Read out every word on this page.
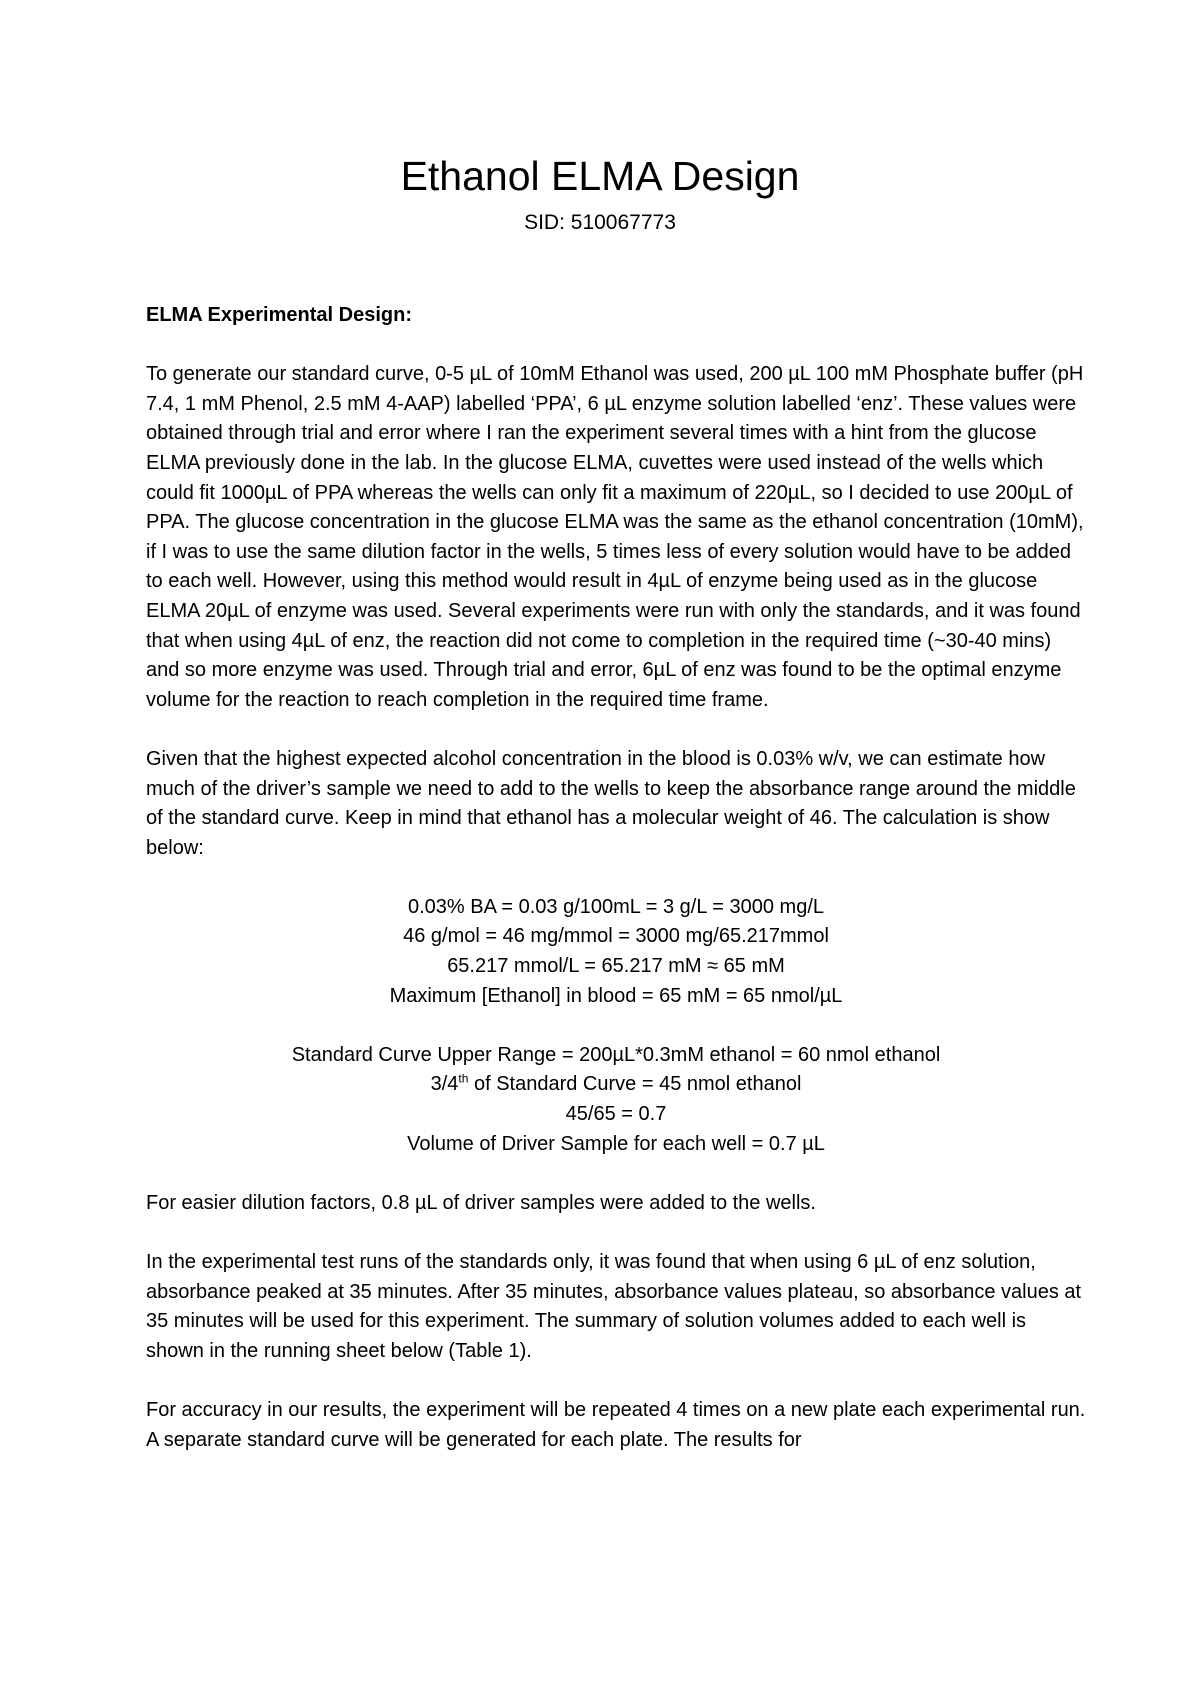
Ethanol ELMA Design
SID: 510067773

ELMA Experimental Design:

To generate our standard curve, 0-5 µL of 10mM Ethanol was used, 200 µL 100 mM Phosphate buffer (pH 7.4, 1 mM Phenol, 2.5 mM 4-AAP) labelled ‘PPA’, 6 µL enzyme solution labelled ‘enz’. These values were obtained through trial and error where I ran the experiment several times with a hint from the glucose ELMA previously done in the lab. In the glucose ELMA, cuvettes were used instead of the wells which could fit 1000µL of PPA whereas the wells can only fit a maximum of 220µL, so I decided to use 200µL of PPA. The glucose concentration in the glucose ELMA was the same as the ethanol concentration (10mM), if I was to use the same dilution factor in the wells, 5 times less of every solution would have to be added to each well. However, using this method would result in 4µL of enzyme being used as in the glucose ELMA 20µL of enzyme was used. Several experiments were run with only the standards, and it was found that when using 4µL of enz, the reaction did not come to completion in the required time (~30-40 mins) and so more enzyme was used. Through trial and error, 6µL of enz was found to be the optimal enzyme volume for the reaction to reach completion in the required time frame.

Given that the highest expected alcohol concentration in the blood is 0.03% w/v, we can estimate how much of the driver’s sample we need to add to the wells to keep the absorbance range around the middle of the standard curve. Keep in mind that ethanol has a molecular weight of 46. The calculation is show below:

0.03% BA = 0.03 g/100mL = 3 g/L = 3000 mg/L
46 g/mol = 46 mg/mmol = 3000 mg/65.217mmol
65.217 mmol/L = 65.217 mM ≈ 65 mM
Maximum [Ethanol] in blood = 65 mM = 65 nmol/µL

Standard Curve Upper Range = 200µL*0.3mM ethanol = 60 nmol ethanol
3/4th of Standard Curve = 45 nmol ethanol
45/65 = 0.7
Volume of Driver Sample for each well = 0.7 µL

For easier dilution factors, 0.8 µL of driver samples were added to the wells.

In the experimental test runs of the standards only, it was found that when using 6 µL of enz solution, absorbance peaked at 35 minutes. After 35 minutes, absorbance values plateau, so absorbance values at 35 minutes will be used for this experiment. The summary of solution volumes added to each well is shown in the running sheet below (Table 1).

For accuracy in our results, the experiment will be repeated 4 times on a new plate each experimental run. A separate standard curve will be generated for each plate. The results for
